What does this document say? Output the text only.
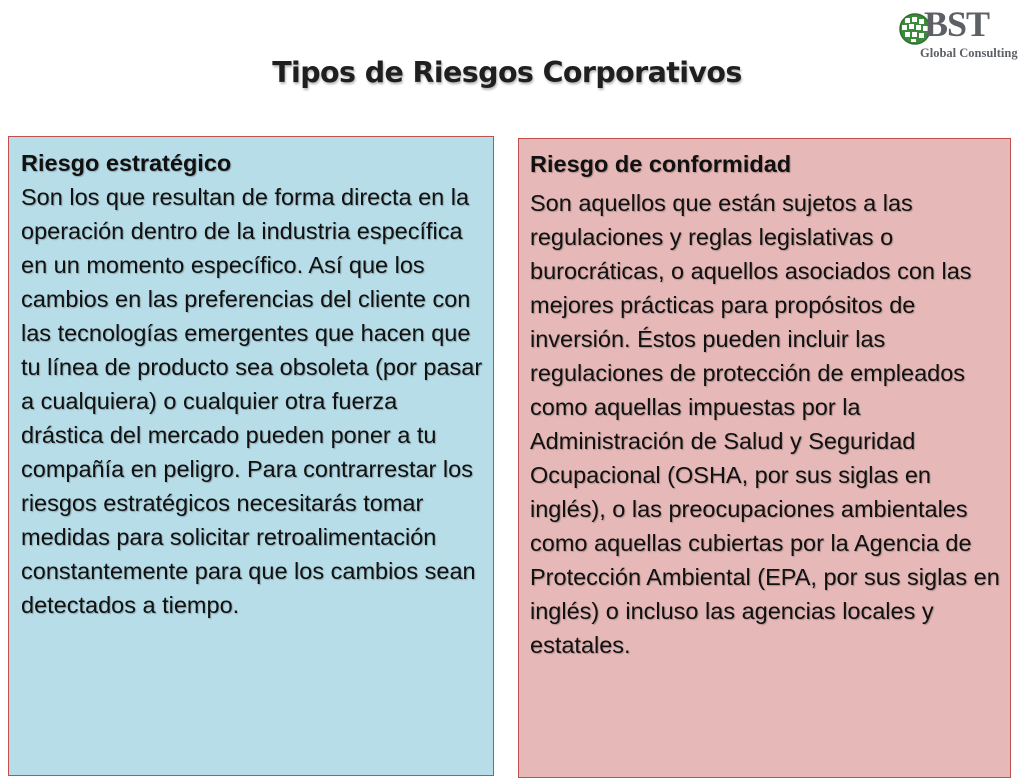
BST
Global Consulting
Tipos de Riesgos Corporativos
Riesgo estratégico
Son los que resultan de forma directa en la operación dentro de la industria específica en un momento específico. Así que los cambios en las preferencias del cliente con las tecnologías emergentes que hacen que tu línea de producto sea obsoleta (por pasar a cualquiera) o cualquier otra fuerza drástica del mercado pueden poner a tu compañía en peligro. Para contrarrestar los riesgos estratégicos necesitarás tomar medidas para solicitar retroalimentación constantemente para que los cambios sean detectados a tiempo.
Riesgo de conformidad
Son aquellos que están sujetos a las regulaciones y reglas legislativas o burocráticas, o aquellos asociados con las mejores prácticas para propósitos de inversión. Éstos pueden incluir las regulaciones de protección de empleados como aquellas impuestas por la Administración de Salud y Seguridad Ocupacional (OSHA, por sus siglas en inglés), o las preocupaciones ambientales como aquellas cubiertas por la Agencia de Protección Ambiental (EPA, por sus siglas en inglés) o incluso las agencias locales y estatales.
